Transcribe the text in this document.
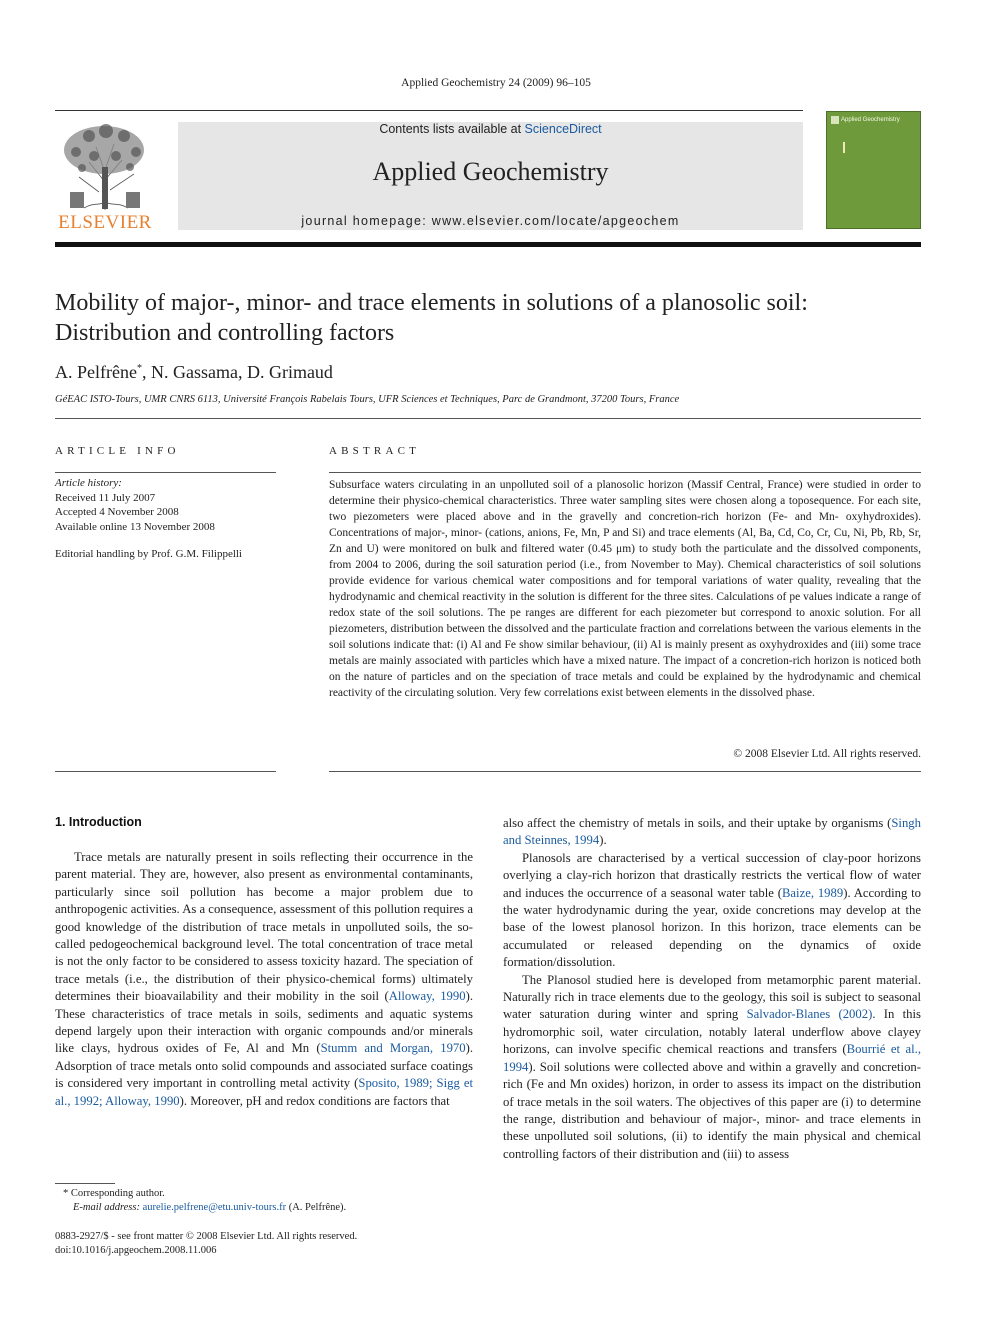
Applied Geochemistry 24 (2009) 96–105
ELSEVIER
Contents lists available at ScienceDirect
Applied Geochemistry
journal homepage: www.elsevier.com/locate/apgeochem
Applied Geochemistry
Mobility of major-, minor- and trace elements in solutions of a planosolic soil: Distribution and controlling factors
A. Pelfrêne*, N. Gassama, D. Grimaud
GéEAC ISTO-Tours, UMR CNRS 6113, Université François Rabelais Tours, UFR Sciences et Techniques, Parc de Grandmont, 37200 Tours, France
ARTICLE INFO	ABSTRACT
Article history:
Received 11 July 2007
Accepted 4 November 2008
Available online 13 November 2008
Editorial handling by Prof. G.M. Filippelli
Subsurface waters circulating in an unpolluted soil of a planosolic horizon (Massif Central, France) were studied in order to determine their physico-chemical characteristics. Three water sampling sites were chosen along a toposequence. For each site, two piezometers were placed above and in the gravelly and concretion-rich horizon (Fe- and Mn- oxyhydroxides). Concentrations of major-, minor- (cations, anions, Fe, Mn, P and Si) and trace elements (Al, Ba, Cd, Co, Cr, Cu, Ni, Pb, Rb, Sr, Zn and U) were monitored on bulk and filtered water (0.45 μm) to study both the particulate and the dissolved components, from 2004 to 2006, during the soil saturation period (i.e., from November to May). Chemical characteristics of soil solutions provide evidence for various chemical water compositions and for temporal variations of water quality, revealing that the hydrodynamic and chemical reactivity in the solution is different for the three sites. Calculations of pe values indicate a range of redox state of the soil solutions. The pe ranges are different for each piezometer but correspond to anoxic solution. For all piezometers, distribution between the dissolved and the particulate fraction and correlations between the various elements in the soil solutions indicate that: (i) Al and Fe show similar behaviour, (ii) Al is mainly present as oxyhydroxides and (iii) some trace metals are mainly associated with particles which have a mixed nature. The impact of a concretion-rich horizon is noticed both on the nature of particles and on the speciation of trace metals and could be explained by the hydrodynamic and chemical reactivity of the circulating solution. Very few correlations exist between elements in the dissolved phase.
© 2008 Elsevier Ltd. All rights reserved.
1. Introduction

Trace metals are naturally present in soils reflecting their occurrence in the parent material. They are, however, also present as environmental contaminants, particularly since soil pollution has become a major problem due to anthropogenic activities. As a consequence, assessment of this pollution requires a good knowledge of the distribution of trace metals in unpolluted soils, the so-called pedogeochemical background level. The total concentration of trace metal is not the only factor to be considered to assess toxicity hazard. The speciation of trace metals (i.e., the distribution of their physico-chemical forms) ultimately determines their bioavailability and their mobility in the soil (Alloway, 1990). These characteristics of trace metals in soils, sediments and aquatic systems depend largely upon their interaction with organic compounds and/or minerals like clays, hydrous oxides of Fe, Al and Mn (Stumm and Morgan, 1970). Adsorption of trace metals onto solid compounds and associated surface coatings is considered very important in controlling metal activity (Sposito, 1989; Sigg et al., 1992; Alloway, 1990). Moreover, pH and redox conditions are factors that

also affect the chemistry of metals in soils, and their uptake by organisms (Singh and Steinnes, 1994).

Planosols are characterised by a vertical succession of clay-poor horizons overlying a clay-rich horizon that drastically restricts the vertical flow of water and induces the occurrence of a seasonal water table (Baize, 1989). According to the water hydrodynamic during the year, oxide concretions may develop at the base of the lowest planosol horizon. In this horizon, trace elements can be accumulated or released depending on the dynamics of oxide formation/dissolution.

The Planosol studied here is developed from metamorphic parent material. Naturally rich in trace elements due to the geology, this soil is subject to seasonal water saturation during winter and spring Salvador-Blanes (2002). In this hydromorphic soil, water circulation, notably lateral underflow above clayey horizons, can involve specific chemical reactions and transfers (Bourrié et al., 1994). Soil solutions were collected above and within a gravelly and concretion-rich (Fe and Mn oxides) horizon, in order to assess its impact on the distribution of trace metals in the soil waters. The objectives of this paper are (i) to determine the range, distribution and behaviour of major-, minor- and trace elements in these unpolluted soil solutions, (ii) to identify the main physical and chemical controlling factors of their distribution and (iii) to assess

* Corresponding author.
E-mail address: aurelie.pelfrene@etu.univ-tours.fr (A. Pelfrêne).
0883-2927/$ - see front matter © 2008 Elsevier Ltd. All rights reserved.
doi:10.1016/j.apgeochem.2008.11.006
